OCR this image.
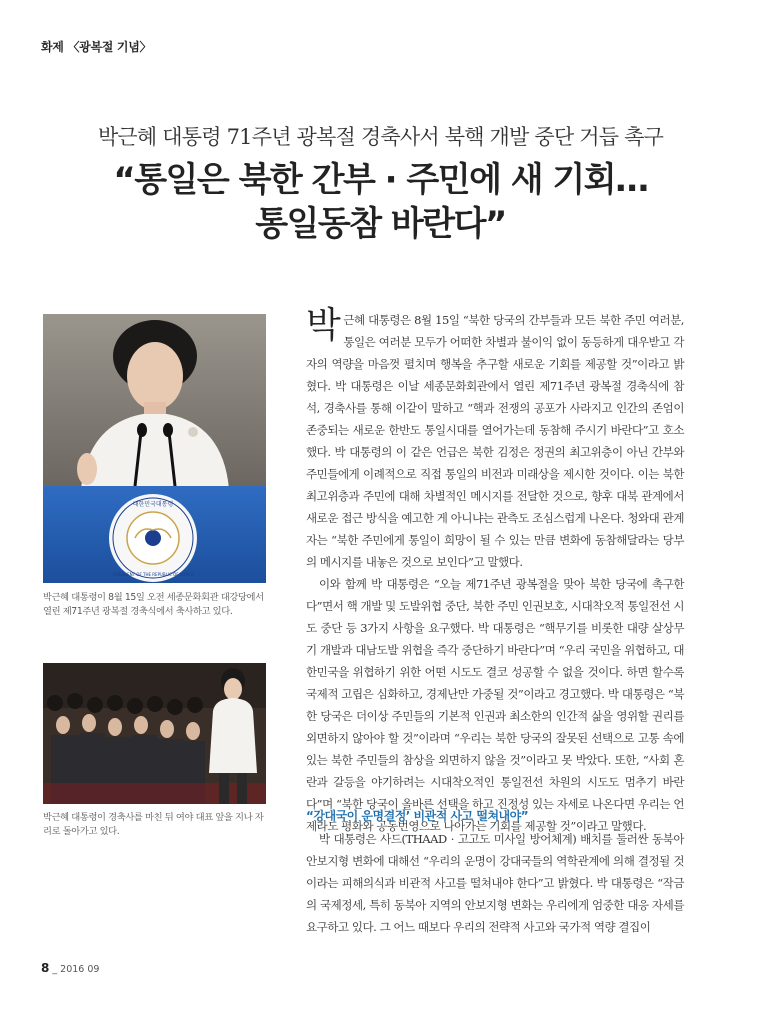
화제 〈광복절 기념〉
박근혜 대통령 71주년 광복절 경축사서 북핵 개발 중단 거듭 촉구
“통일은 북한 간부 · 주민에 새 기회…
통일동참 바란다”
대한민국대통령
PRESIDENT OF THE REPUBLIC OF KOREA
박근혜 대통령이 8월 15일 오전 세종문화회관 대강당에서 열린 제71주년 광복절 경축식에서 축사하고 있다.
박근혜 대통령이 경축사를 마친 뒤 여야 대표 앞을 지나 자리로 돌아가고 있다.

박근혜 대통령은 8월 15일 “북한 당국의 간부들과 모든 북한 주민 여러분, 통일은 여러분 모두가 어떠한 차별과 불이익 없이 동등하게 대우받고 각자의 역량을 마음껏 펼치며 행복을 추구할 새로운 기회를 제공할 것”이라고 밝혔다. 박 대통령은 이날 세종문화회관에서 열린 제71주년 광복절 경축식에 참석, 경축사를 통해 이같이 말하고 “핵과 전쟁의 공포가 사라지고 인간의 존엄이 존중되는 새로운 한반도 통일시대를 열어가는데 동참해 주시기 바란다”고 호소했다. 박 대통령의 이 같은 언급은 북한 김정은 정권의 최고위층이 아닌 간부와 주민들에게 이례적으로 직접 통일의 비전과 미래상을 제시한 것이다. 이는 북한 최고위층과 주민에 대해 차별적인 메시지를 전달한 것으로, 향후 대북 관계에서 새로운 접근 방식을 예고한 게 아니냐는 관측도 조심스럽게 나온다. 청와대 관계자는 “북한 주민에게 통일이 희망이 될 수 있는 만큼 변화에 동참해달라는 당부의 메시지를 내놓은 것으로 보인다”고 말했다.

이와 함께 박 대통령은 “오늘 제71주년 광복절을 맞아 북한 당국에 촉구한다”면서 핵 개발 및 도발위협 중단, 북한 주민 인권보호, 시대착오적 통일전선 시도 중단 등 3가지 사항을 요구했다. 박 대통령은 “핵무기를 비롯한 대량 살상무기 개발과 대남도발 위협을 즉각 중단하기 바란다”며 “우리 국민을 위협하고, 대한민국을 위협하기 위한 어떤 시도도 결코 성공할 수 없을 것이다. 하면 할수록 국제적 고립은 심화하고, 경제난만 가중될 것”이라고 경고했다. 박 대통령은 “북한 당국은 더이상 주민들의 기본적 인권과 최소한의 인간적 삶을 영위할 권리를 외면하지 않아야 할 것”이라며 “우리는 북한 당국의 잘못된 선택으로 고통 속에 있는 북한 주민들의 참상을 외면하지 않을 것”이라고 못 박았다. 또한, “사회 혼란과 갈등을 야기하려는 시대착오적인 통일전선 차원의 시도도 멈추기 바란다”며 “북한 당국이 올바른 선택을 하고 진정성 있는 자세로 나온다면 우리는 언제라도 평화와 공동번영으로 나아가는 기회를 제공할 것”이라고 말했다.

“강대국이 운명결정’ 비관적 사고 떨쳐내야”

박 대통령은 사드(THAAD · 고고도 미사일 방어체계) 배치를 둘러싼 동북아 안보지형 변화에 대해선 “우리의 운명이 강대국들의 역학관계에 의해 결정될 것이라는 피해의식과 비관적 사고를 떨쳐내야 한다”고 밝혔다. 박 대통령은 “작금의 국제정세, 특히 동북아 지역의 안보지형 변화는 우리에게 엄중한 대응 자세를 요구하고 있다. 그 어느 때보다 우리의 전략적 사고와 국가적 역량 결집이

8 _ 2016 09
